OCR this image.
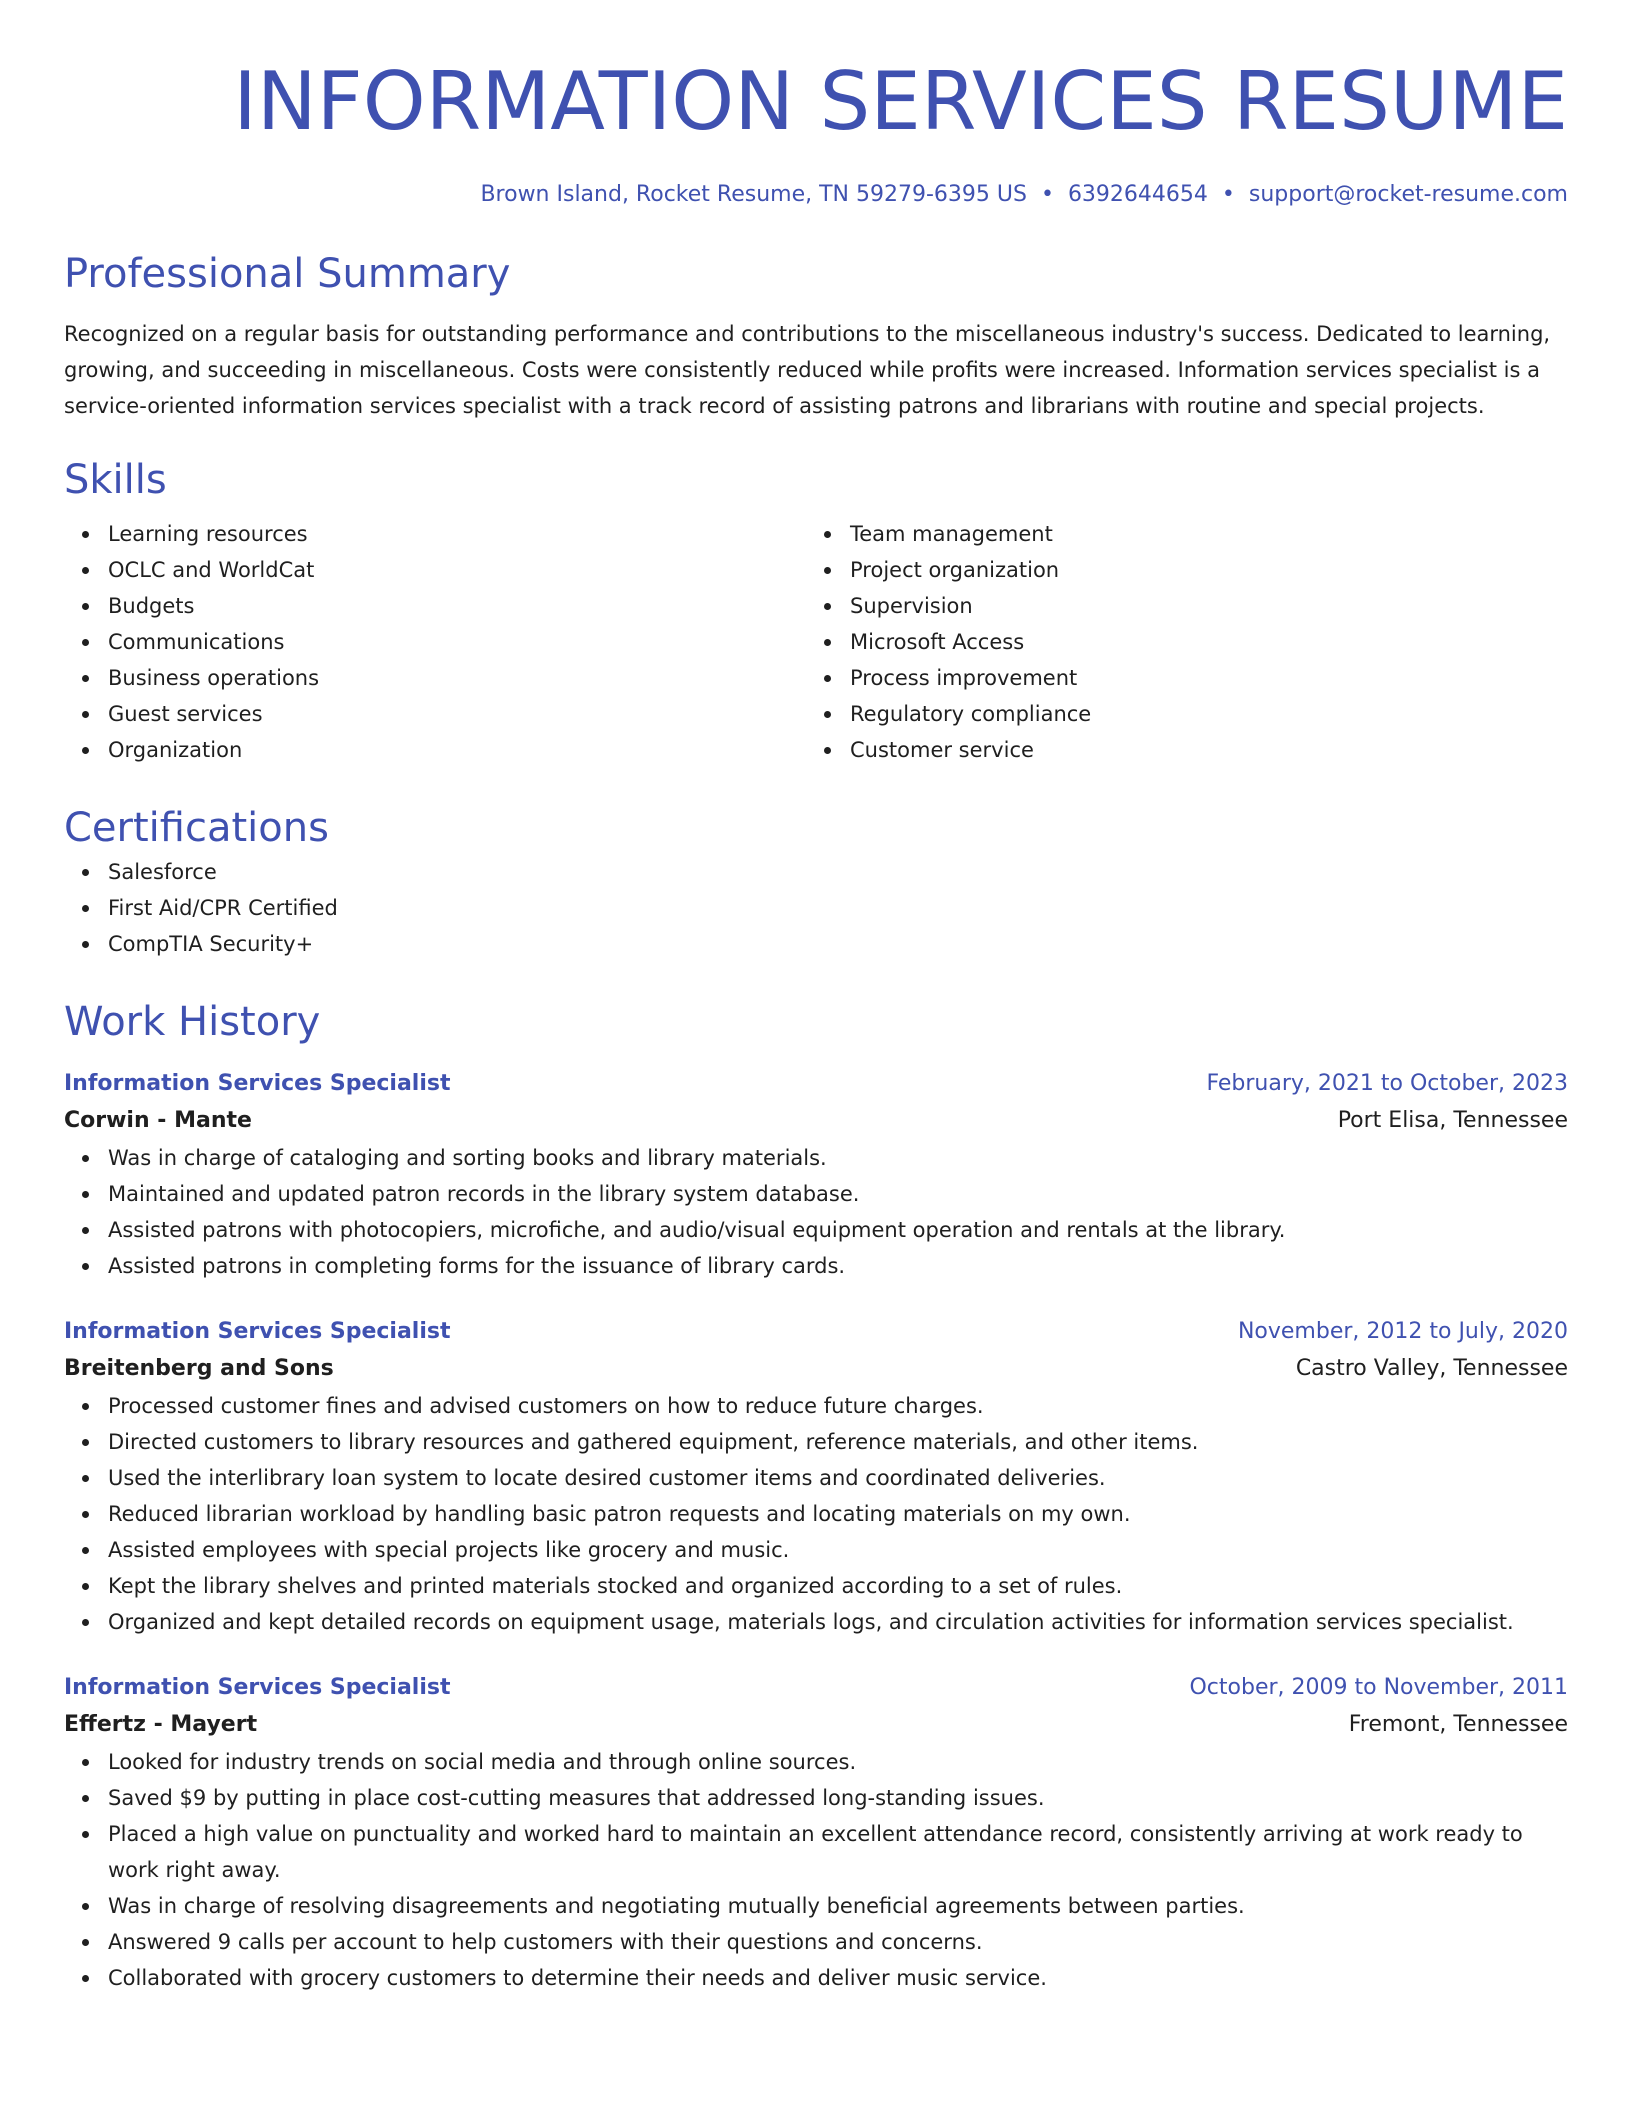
INFORMATION SERVICES RESUME
Brown Island, Rocket Resume, TN 59279-6395 US • 6392644654 • support@rocket-resume.com
Professional Summary

Recognized on a regular basis for outstanding performance and contributions to the miscellaneous industry's success. Dedicated to learning, growing, and succeeding in miscellaneous. Costs were consistently reduced while profits were increased. Information services specialist is a service-oriented information services specialist with a track record of assisting patrons and librarians with routine and special projects.

Skills
Learning resources
OCLC and WorldCat
Budgets
Communications
Business operations
Guest services
Organization
Team management
Project organization
Supervision
Microsoft Access
Process improvement
Regulatory compliance
Customer service
Certifications
Salesforce
First Aid/CPR Certified
CompTIA Security+
Work History
Information Services Specialist	February, 2021 to October, 2023
Corwin - Mante	Port Elisa, Tennessee
Was in charge of cataloging and sorting books and library materials.
Maintained and updated patron records in the library system database.
Assisted patrons with photocopiers, microfiche, and audio/visual equipment operation and rentals at the library.
Assisted patrons in completing forms for the issuance of library cards.
Information Services Specialist	November, 2012 to July, 2020
Breitenberg and Sons	Castro Valley, Tennessee
Processed customer fines and advised customers on how to reduce future charges.
Directed customers to library resources and gathered equipment, reference materials, and other items.
Used the interlibrary loan system to locate desired customer items and coordinated deliveries.
Reduced librarian workload by handling basic patron requests and locating materials on my own.
Assisted employees with special projects like grocery and music.
Kept the library shelves and printed materials stocked and organized according to a set of rules.
Organized and kept detailed records on equipment usage, materials logs, and circulation activities for information services specialist.
Information Services Specialist	October, 2009 to November, 2011
Effertz - Mayert	Fremont, Tennessee
Looked for industry trends on social media and through online sources.
Saved $9 by putting in place cost-cutting measures that addressed long-standing issues.
Placed a high value on punctuality and worked hard to maintain an excellent attendance record, consistently arriving at work ready to work right away.
Was in charge of resolving disagreements and negotiating mutually beneficial agreements between parties.
Answered 9 calls per account to help customers with their questions and concerns.
Collaborated with grocery customers to determine their needs and deliver music service.
